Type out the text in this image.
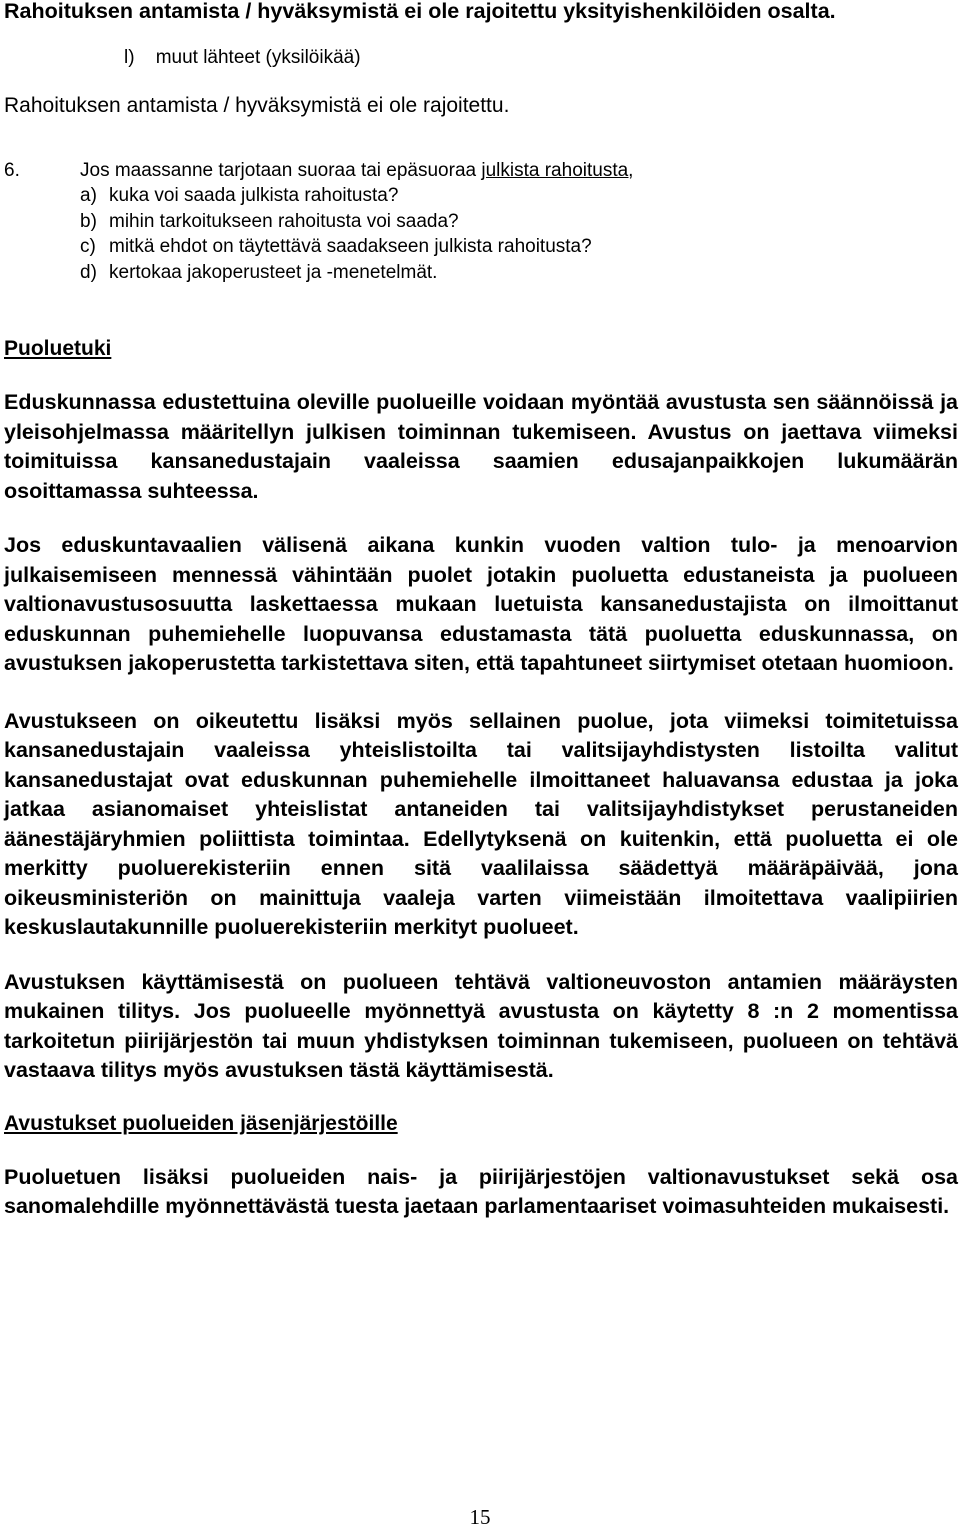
Rahoituksen antamista / hyväksymistä ei ole rajoitettu yksityishenkilöiden osalta.

l) muut lähteet (yksilöikää)

Rahoituksen antamista / hyväksymistä ei ole rajoitettu.

6.	Jos maassanne tarjotaan suoraa tai epäsuoraa julkista rahoitusta,
a) kuka voi saada julkista rahoitusta?
b) mihin tarkoitukseen rahoitusta voi saada?
c) mitkä ehdot on täytettävä saadakseen julkista rahoitusta?
d) kertokaa jakoperusteet ja -menetelmät.
Puoluetuki

Eduskunnassa edustettuina oleville puolueille voidaan myöntää avustusta sen säännöissä ja yleisohjelmassa määritellyn julkisen toiminnan tukemiseen. Avustus on jaettava viimeksi toimituissa kansanedustajain vaaleissa saamien edusajanpaikkojen lukumäärän osoittamassa suhteessa.

Jos eduskuntavaalien välisenä aikana kunkin vuoden valtion tulo- ja menoarvion julkaisemiseen mennessä vähintään puolet jotakin puoluetta edustaneista ja puolueen valtionavustusosuutta laskettaessa mukaan luetuista kansanedustajista on ilmoittanut eduskunnan puhemiehelle luopuvansa edustamasta tätä puoluetta eduskunnassa, on avustuksen jakoperustetta tarkistettava siten, että tapahtuneet siirtymiset otetaan huomioon.

Avustukseen on oikeutettu lisäksi myös sellainen puolue, jota viimeksi toimitetuissa kansanedustajain vaaleissa yhteislistoilta tai valitsijayhdistysten listoilta valitut kansanedustajat ovat eduskunnan puhemiehelle ilmoittaneet haluavansa edustaa ja joka jatkaa asianomaiset yhteislistat antaneiden tai valitsijayhdistykset perustaneiden äänestäjäryhmien poliittista toimintaa. Edellytyksenä on kuitenkin, että puoluetta ei ole merkitty puoluerekisteriin ennen sitä vaalilaissa säädettyä määräpäivää, jona oikeusministeriön on mainittuja vaaleja varten viimeistään ilmoitettava vaalipiirien keskuslautakunnille puoluerekisteriin merkityt puolueet.

Avustuksen käyttämisestä on puolueen tehtävä valtioneuvoston antamien määräysten mukainen tilitys. Jos puolueelle myönnettyä avustusta on käytetty 8 :n 2 momentissa tarkoitetun piirijärjestön tai muun yhdistyksen toiminnan tukemiseen, puolueen on tehtävä vastaava tilitys myös avustuksen tästä käyttämisestä.

Avustukset puolueiden jäsenjärjestöille

Puoluetuen lisäksi puolueiden nais- ja piirijärjestöjen valtionavustukset sekä osa sanomalehdille myönnettävästä tuesta jaetaan parlamentaariset voimasuhteiden mukaisesti.

15
